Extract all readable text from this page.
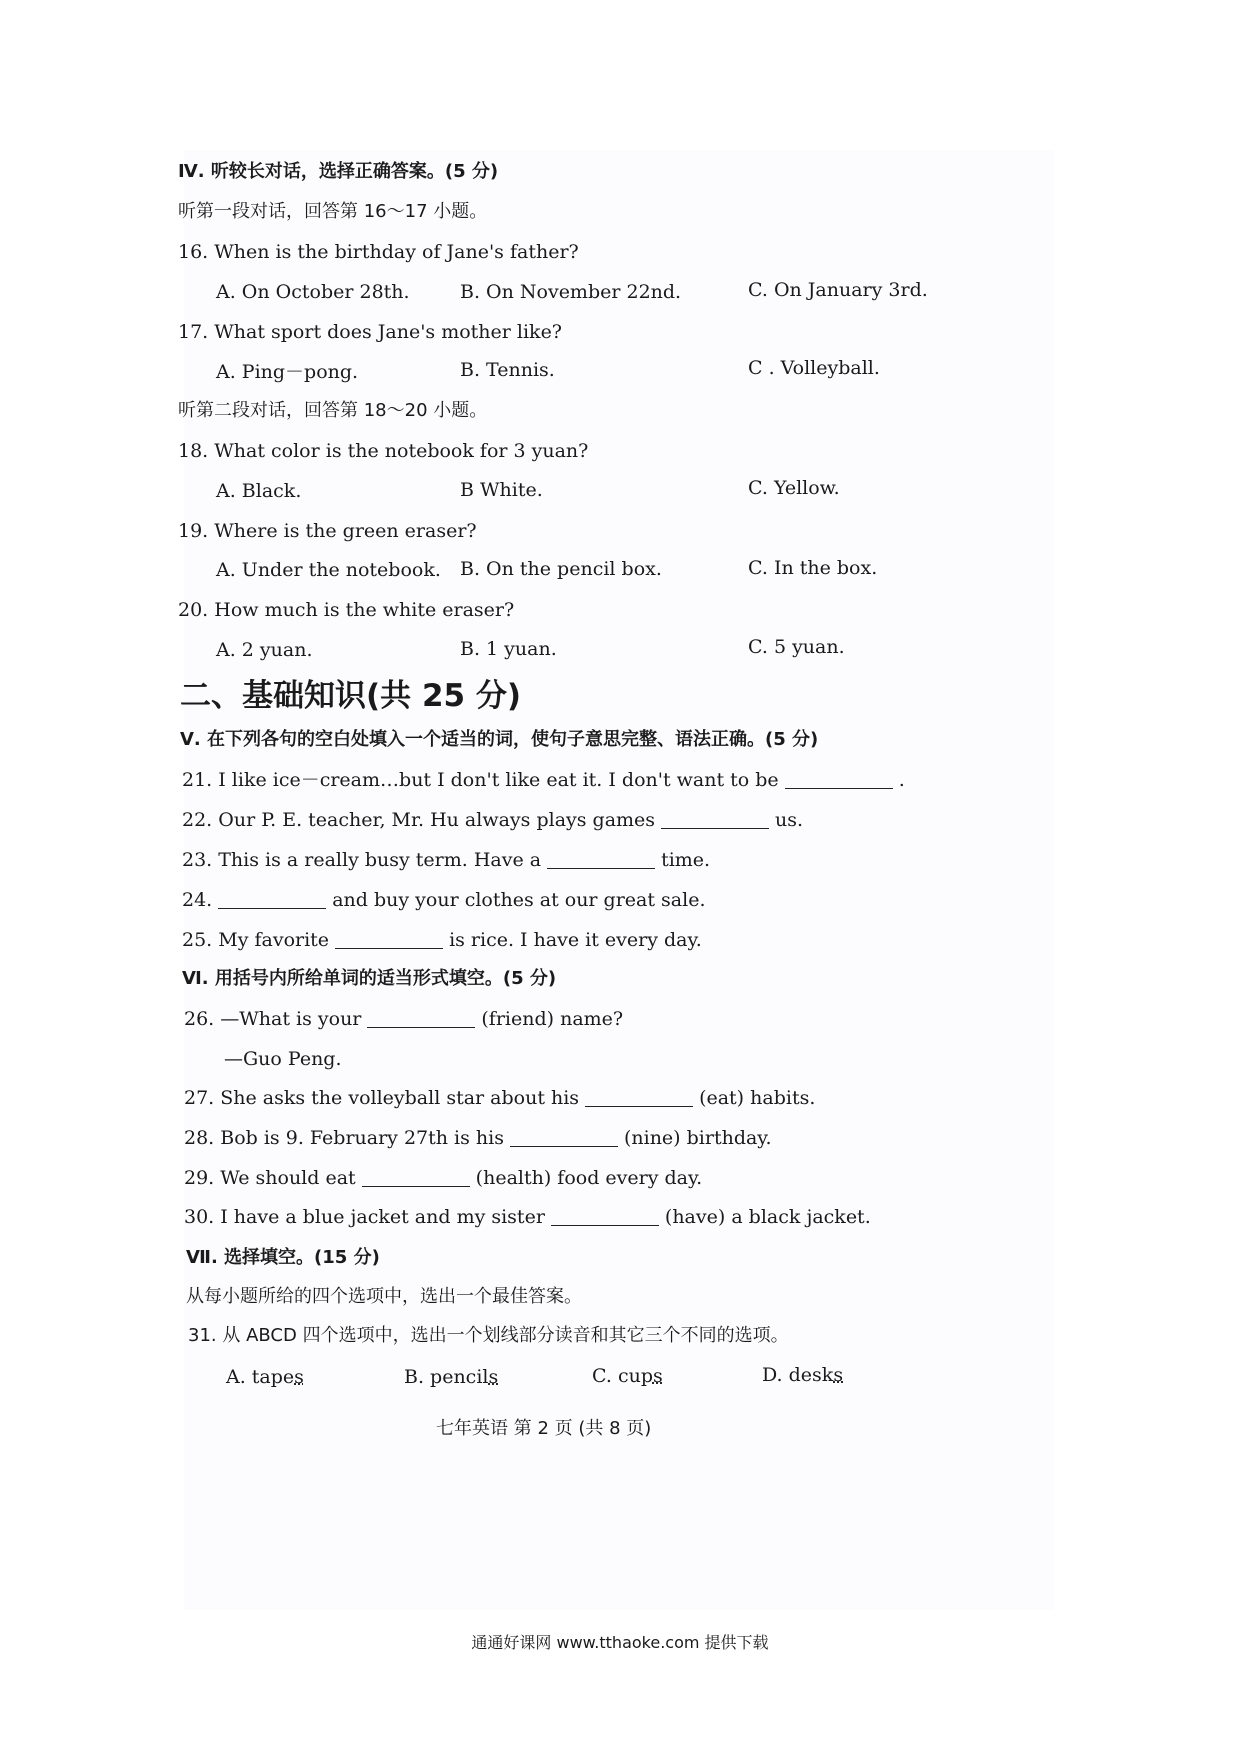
Ⅳ. 听较长对话，选择正确答案。(5 分)
听第一段对话，回答第 16～17 小题。
16. When is the birthday of Jane's father?
A. On October 28th.	B. On November 22nd.	C. On January 3rd.
17. What sport does Jane's mother like?
A. Ping－pong.	B. Tennis.	C . Volleyball.
听第二段对话，回答第 18～20 小题。
18. What color is the notebook for 3 yuan?
A. Black.	B White.	C. Yellow.
19. Where is the green eraser?
A. Under the notebook. B. On the pencil box.	C. In the box.
20. How much is the white eraser?
A. 2 yuan.	B. 1 yuan.	C. 5 yuan.
二、基础知识(共 25 分)
Ⅴ. 在下列各句的空白处填入一个适当的词，使句子意思完整、语法正确。(5 分)
21. I like ice－cream…but I don't like eat it. I don't want to be	.
22. Our P. E. teacher, Mr. Hu always plays games	us.
23. This is a really busy term. Have a	time.
24.	and buy your clothes at our great sale.
25. My favorite	is rice. I have it every day.
Ⅵ. 用括号内所给单词的适当形式填空。(5 分)
26. —What is your	(friend) name?
—Guo Peng.
27. She asks the volleyball star about his	(eat) habits.
28. Bob is 9. February 27th is his	(nine) birthday.
29. We should eat	(health) food every day.
30. I have a blue jacket and my sister	(have) a black jacket.
Ⅶ. 选择填空。(15 分)
从每小题所给的四个选项中，选出一个最佳答案。
31. 从 ABCD 四个选项中，选出一个划线部分读音和其它三个不同的选项。
A. tapes	B. pencils	C. cups	D. desks
七年英语 第 2 页 (共 8 页)
通通好课网 www.tthaoke.com 提供下载
